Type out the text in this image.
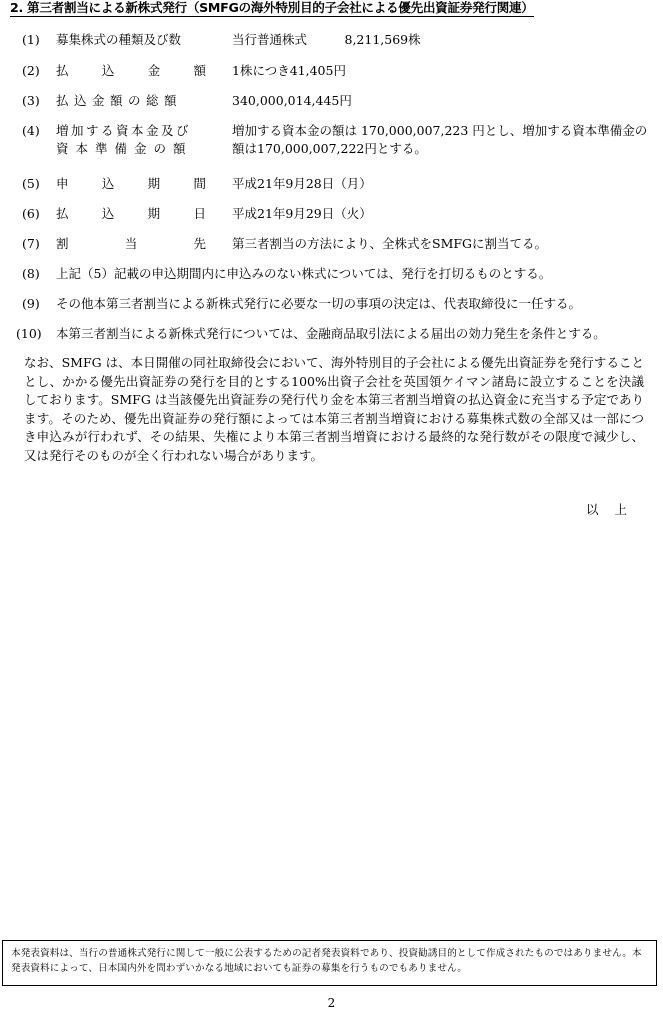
2. 第三者割当による新株式発行（SMFGの海外特別目的子会社による優先出資証券発行関連）
(1) 募集株式の種類及び数	当行普通株式　　　8,211,569株
(2) 払	込	金	額 1株につき41,405円
(3) 払込金額の総額	340,000,014,445円
(4) 増加する資本金及び
資本準備金の額
増加する資本金の額は 170,000,007,223 円とし、増加する資本準備金の額は170,000,007,222円とする。
(5) 申	込	期	間 平成21年9月28日（月）
(6) 払	込	期	日 平成21年9月29日（火）
(7) 割	当	先 第三者割当の方法により、全株式をSMFGに割当てる。
(8) 上記（5）記載の申込期間内に申込みのない株式については、発行を打切るものとする。
(9) その他本第三者割当による新株式発行に必要な一切の事項の決定は、代表取締役に一任する。
(10) 本第三者割当による新株式発行については、金融商品取引法による届出の効力発生を条件とする。
なお、SMFG は、本日開催の同社取締役会において、海外特別目的子会社による優先出資証券を発行することとし、かかる優先出資証券の発行を目的とする100%出資子会社を英国領ケイマン諸島に設立することを決議しております。SMFG は当該優先出資証券の発行代り金を本第三者割当増資の払込資金に充当する予定であります。そのため、優先出資証券の発行額によっては本第三者割当増資における募集株式数の全部又は一部につき申込みが行われず、その結果、失権により本第三者割当増資における最終的な発行数がその限度で減少し、又は発行そのものが全く行われない場合があります。
以上
本発表資料は、当行の普通株式発行に関して一般に公表するための記者発表資料であり、投資勧誘目的として作成されたものではありません。本発表資料によって、日本国内外を問わずいかなる地域においても証券の募集を行うものでもありません。
2
